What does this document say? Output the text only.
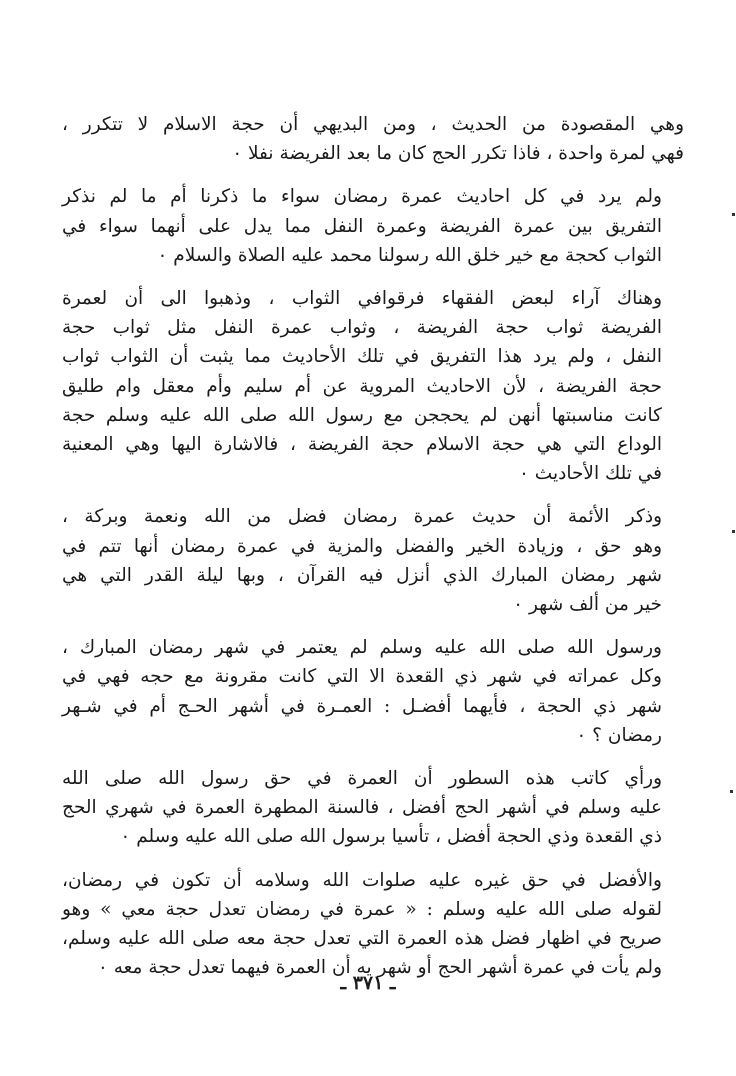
وهي المقصودة من الحديث ، ومن البديهي أن حجة الاسلام لا تتكرر ،
فهي لمرة واحدة ، فاذا تكرر الحج كان ما بعد الفريضة نفلا ٠

ولم يرد في كل احاديث عمرة رمضان سواء ما ذكرنا أم ما لم نذكر
التفريق بين عمرة الفريضة وعمرة النفل مما يدل على أنهما سواء في
الثواب كحجة مع خير خلق الله رسولنا محمد عليه الصلاة والسلام ٠

وهناك آراء لبعض الفقهاء فرقوافي الثواب ، وذهبوا الى أن لعمرة
الفريضة ثواب حجة الفريضة ، وثواب عمرة النفل مثل ثواب حجة
النفل ، ولم يرد هذا التفريق في تلك الأحاديث مما يثبت أن الثواب ثواب
حجة الفريضة ، لأن الاحاديث المروية عن أم سليم وأم معقل وام طليق
كانت مناسبتها أنهن لم يحججن مع رسول الله صلى الله عليه وسلم حجة
الوداع التي هي حجة الاسلام حجة الفريضة ، فالاشارة اليها وهي المعنية
في تلك الأحاديث ٠

وذكر الأئمة أن حديث عمرة رمضان فضل من الله ونعمة وبركة ،
وهو حق ، وزيادة الخير والفضل والمزية في عمرة رمضان أنها تتم في
شهر رمضان المبارك الذي أنزل فيه القرآن ، وبها ليلة القدر التي هي
خير من ألف شهر ٠

ورسول الله صلى الله عليه وسلم لم يعتمر في شهر رمضان المبارك ،
وكل عمراته في شهر ذي القعدة الا التي كانت مقرونة مع حجه فهي في
شهر ذي الحجة ، فأيهما أفضـل : العمـرة في أشهر الحـج أم في شـهر
رمضان ؟ ٠

ورأي كاتب هذه السطور أن العمرة في حق رسول الله صلى الله
عليه وسلم في أشهر الحج أفضل ، فالسنة المطهرة العمرة في شهري الحج
ذي القعدة وذي الحجة أفضل ، تأسيا برسول الله صلى الله عليه وسلم ٠

والأفضل في حق غيره عليه صلوات الله وسلامه أن تكون في رمضان،
لقوله صلى الله عليه وسلم : « عمرة في رمضان تعدل حجة معي » وهو
صريح في اظهار فضل هذه العمرة التي تعدل حجة معه صلى الله عليه وسلم،
ولم يأت في عمرة أشهر الحج أو شهر يه أن العمرة فيهما تعدل حجة معه ٠

ـ ٣٧١ ـ
